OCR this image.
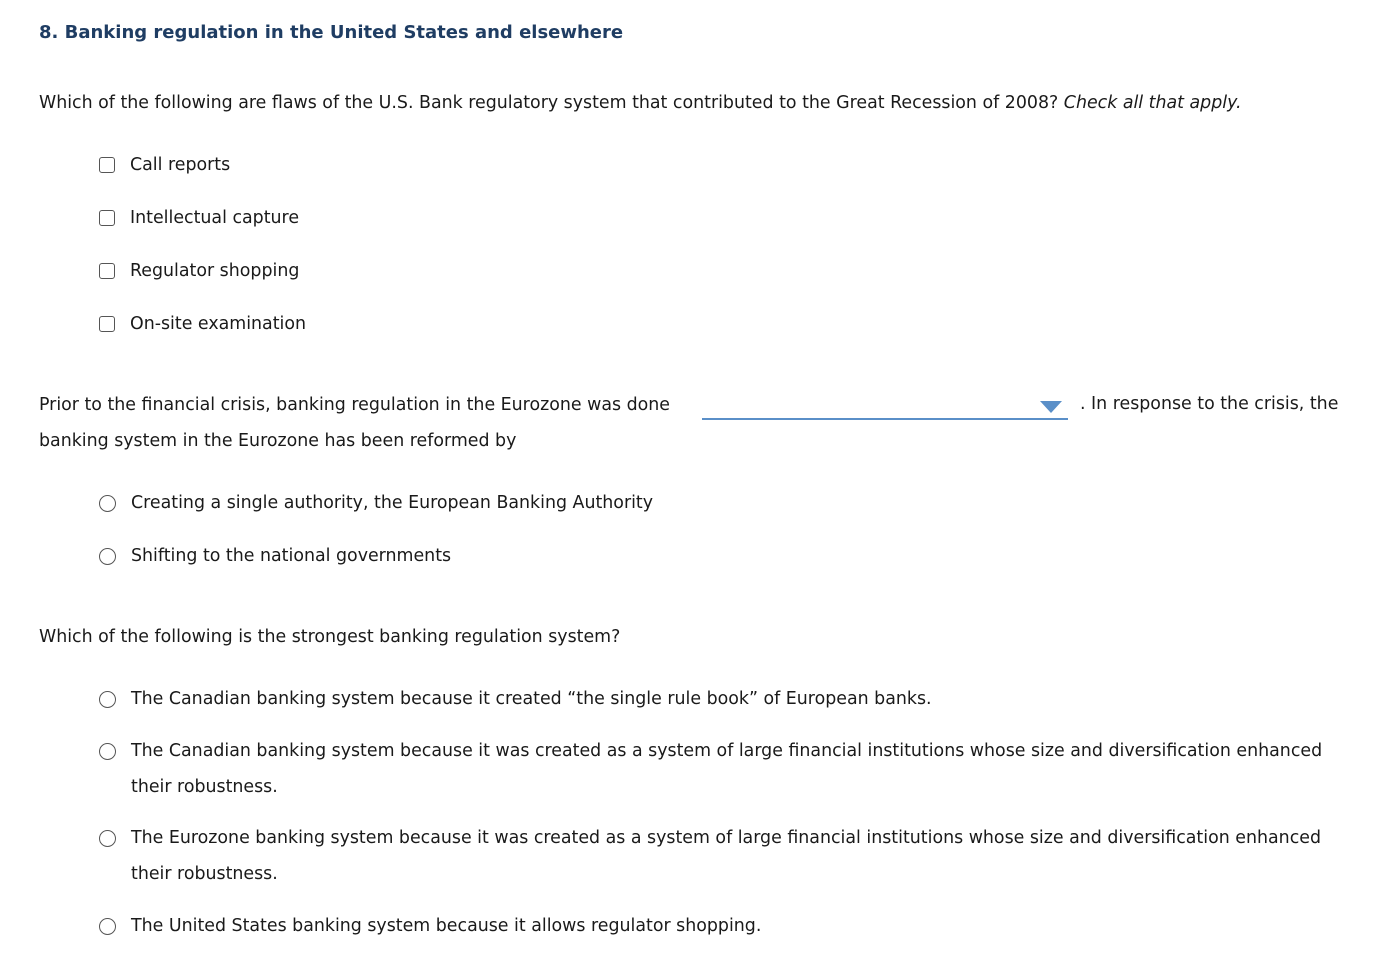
8. Banking regulation in the United States and elsewhere
Which of the following are flaws of the U.S. Bank regulatory system that contributed to the Great Recession of 2008? Check all that apply.
Call reports
Intellectual capture
Regulator shopping
On-site examination
Prior to the financial crisis, banking regulation in the Eurozone was done	. In response to the crisis, the
banking system in the Eurozone has been reformed by
Creating a single authority, the European Banking Authority
Shifting to the national governments
Which of the following is the strongest banking regulation system?
The Canadian banking system because it created “the single rule book” of European banks.
The Canadian banking system because it was created as a system of large financial institutions whose size and diversification enhanced their robustness.
The Eurozone banking system because it was created as a system of large financial institutions whose size and diversification enhanced their robustness.
The United States banking system because it allows regulator shopping.
